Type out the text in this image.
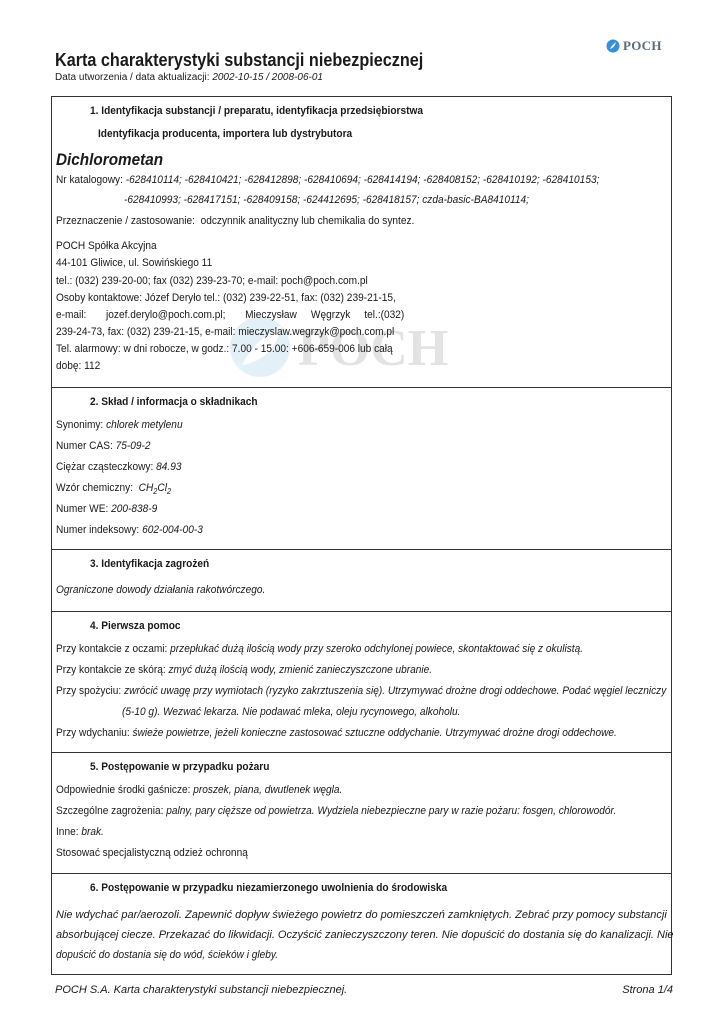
Karta charakterystyki substancji niebezpiecznej
Data utworzenia / data aktualizacji: 2002-10-15 / 2008-06-01
POCH
POCH
1. Identyfikacja substancji / preparatu, identyfikacja przedsiębiorstwa
Identyfikacja producenta, importera lub dystrybutora
Dichlorometan
Nr katalogowy: -628410114; -628410421; -628412898; -628410694; -628414194; -628408152; -628410192; -628410153;
-628410993; -628417151; -628409158; -624412695; -628418157; czda-basic-BA8410114;
Przeznaczenie / zastosowanie: odczynnik analityczny lub chemikalia do syntez.
POCH Spółka Akcyjna
44-101 Gliwice, ul. Sowińskiego 11
tel.: (032) 239-20-00; fax (032) 239-23-70; e-mail: poch@poch.com.pl
Osoby kontaktowe: Józef Deryło tel.: (032) 239-22-51, fax: (032) 239-21-15,
e-mail:       jozef.derylo@poch.com.pl;       Mieczysław     Węgrzyk     tel.:(032)
239-24-73, fax: (032) 239-21-15, e-mail: mieczyslaw.wegrzyk@poch.com.pl
Tel. alarmowy: w dni robocze, w godz.: 7.00 - 15.00: +606-659-006 lub całą
dobę: 112
2. Skład / informacja o składnikach
Synonimy: chlorek metylenu
Numer CAS: 75-09-2
Ciężar cząsteczkowy: 84.93
Wzór chemiczny: $CH_2Cl_2$
Numer WE: 200-838-9
Numer indeksowy: 602-004-00-3
3. Identyfikacja zagrożeń
Ograniczone dowody działania rakotwórczego.
4. Pierwsza pomoc
Przy kontakcie z oczami: przepłukać dużą ilością wody przy szeroko odchylonej powiece, skontaktować się z okulistą.
Przy kontakcie ze skórą: zmyć dużą ilością wody, zmienić zanieczyszczone ubranie.
Przy spożyciu: zwrócić uwagę przy wymiotach (ryzyko zakrztuszenia się). Utrzymywać drożne drogi oddechowe. Podać węgiel leczniczy
(5-10 g). Wezwać lekarza. Nie podawać mleka, oleju rycynowego, alkoholu.
Przy wdychaniu: świeże powietrze, jeżeli konieczne zastosować sztuczne oddychanie. Utrzymywać drożne drogi oddechowe.
5. Postępowanie w przypadku pożaru
Odpowiednie środki gaśnicze: proszek, piana, dwutlenek węgla.
Szczególne zagrożenia: palny, pary cięższe od powietrza. Wydziela niebezpieczne pary w razie pożaru: fosgen, chlorowodór.
Inne: brak.
Stosować specjalistyczną odzież ochronną
6. Postępowanie w przypadku niezamierzonego uwolnienia do środowiska
Nie wdychać par/aerozoli. Zapewnić dopływ świeżego powietrz do pomieszczeń zamkniętych. Zebrać przy pomocy substancji
absorbującej ciecze. Przekazać do likwidacji. Oczyścić zanieczyszczony teren. Nie dopuścić do dostania się do kanalizacji. Nie
dopuścić do dostania się do wód, ścieków i gleby.
POCH S.A. Karta charakterystyki substancji niebezpiecznej.	Strona 1/4
